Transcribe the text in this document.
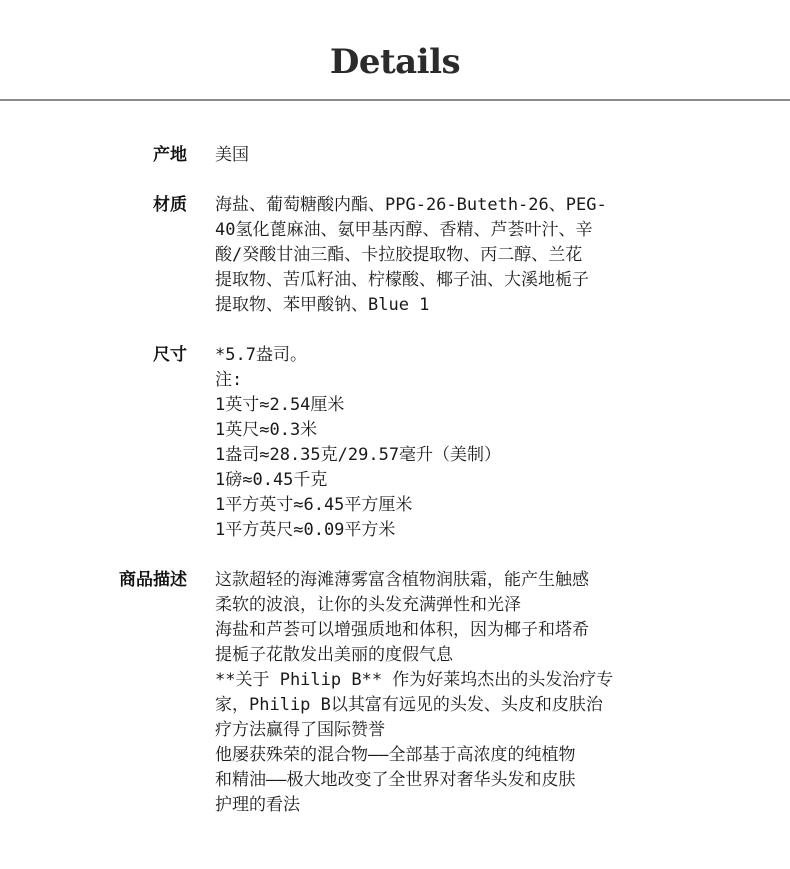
Details
产地 美国
材质 海盐、葡萄糖酸内酯、PPG-26-Buteth-26、PEG-
40氢化蓖麻油、氨甲基丙醇、香精、芦荟叶汁、辛
酸/癸酸甘油三酯、卡拉胶提取物、丙二醇、兰花
提取物、苦瓜籽油、柠檬酸、椰子油、大溪地栀子
提取物、苯甲酸钠、Blue 1
尺寸 *5.7盎司。
注:
1英寸≈2.54厘米
1英尺≈0.3米
1盎司≈28.35克/29.57毫升（美制）
1磅≈0.45千克
1平方英寸≈6.45平方厘米
1平方英尺≈0.09平方米
商品描述 这款超轻的海滩薄雾富含植物润肤霜，能产生触感
柔软的波浪，让你的头发充满弹性和光泽
海盐和芦荟可以增强质地和体积，因为椰子和塔希
提栀子花散发出美丽的度假气息
**关于 Philip B** 作为好莱坞杰出的头发治疗专
家，Philip B以其富有远见的头发、头皮和皮肤治
疗方法赢得了国际赞誉
他屡获殊荣的混合物——全部基于高浓度的纯植物
和精油——极大地改变了全世界对奢华头发和皮肤
护理的看法
